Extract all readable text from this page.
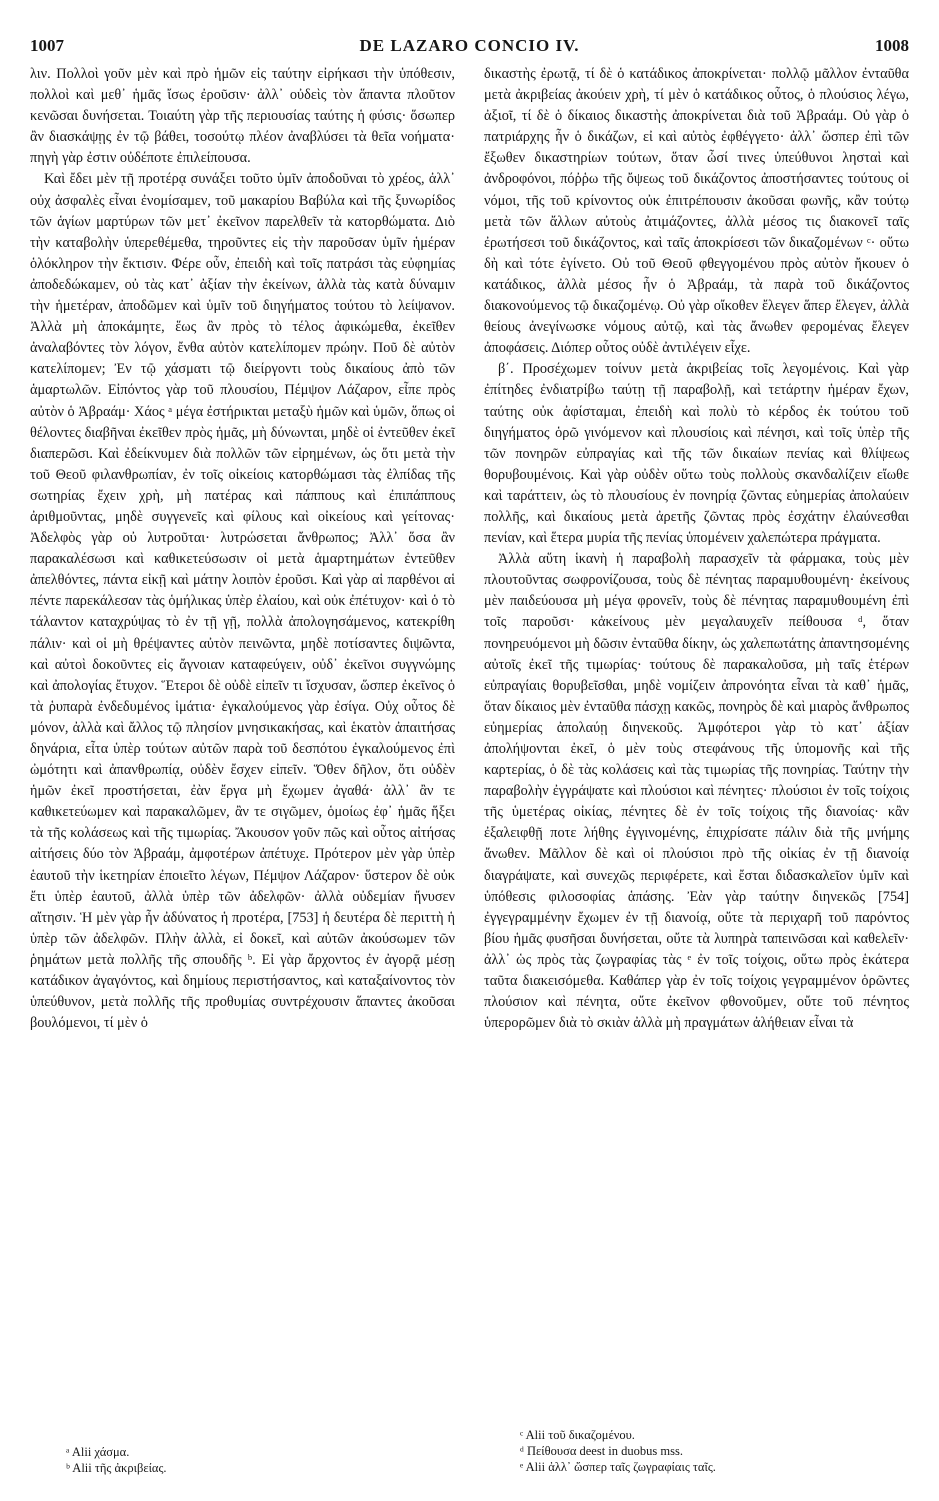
1007	DE LAZARO CONCIO IV.	1008

λιν. Πολλοὶ γοῦν μὲν καὶ πρὸ ἡμῶν εἰς ταύτην εἰρήκασι τὴν ὑπόθεσιν, πολλοὶ καὶ μεθ᾽ ἡμᾶς ἴσως ἐροῦσιν· ἀλλ᾽ οὐδεὶς τὸν ἅπαντα πλοῦτον κενῶσαι δυνήσεται. Τοιαύτη γὰρ τῆς περιουσίας ταύτης ἡ φύσις· ὅσωπερ ἂν διασκάψῃς ἐν τῷ βάθει, τοσούτῳ πλέον ἀναβλύσει τὰ θεῖα νοήματα· πηγὴ γὰρ ἐστιν οὐδέποτε ἐπιλείπουσα.

Καὶ ἔδει μὲν τῇ προτέρᾳ συνάξει τοῦτο ὑμῖν ἀποδοῦναι τὸ χρέος, ἀλλ᾽ οὐχ ἀσφαλὲς εἶναι ἐνομίσαμεν, τοῦ μακαρίου Βαβύλα καὶ τῆς ξυνωρίδος τῶν ἁγίων μαρτύρων τῶν μετ᾽ ἐκεῖνον παρελθεῖν τὰ κατορθώματα. Διὸ τὴν καταβολὴν ὑπερεθέμεθα, τηροῦντες εἰς τὴν παροῦσαν ὑμῖν ἡμέραν ὁλόκληρον τὴν ἔκτισιν. Φέρε οὖν, ἐπειδὴ καὶ τοῖς πατράσι τὰς εὐφημίας ἀποδεδώκαμεν, οὐ τὰς κατ᾽ ἀξίαν τὴν ἐκείνων, ἀλλὰ τὰς κατὰ δύναμιν τὴν ἡμετέραν, ἀποδῶμεν καὶ ὑμῖν τοῦ διηγήματος τούτου τὸ λείψανον. Ἀλλὰ μὴ ἀποκάμητε, ἕως ἂν πρὸς τὸ τέλος ἀφικώμεθα, ἐκεῖθεν ἀναλαβόντες τὸν λόγον, ἔνθα αὐτὸν κατελίπομεν πρώην. Ποῦ δὲ αὐτὸν κατελίπομεν; Ἐν τῷ χάσματι τῷ διείργοντι τοὺς δικαίους ἀπὸ τῶν ἁμαρτωλῶν. Εἰπόντος γὰρ τοῦ πλουσίου, Πέμψον Λάζαρον, εἶπε πρὸς αὐτὸν ὁ Ἀβραάμ· Χάος ᵃ μέγα ἐστήρικται μεταξὺ ἡμῶν καὶ ὑμῶν, ὅπως οἱ θέλοντες διαβῆναι ἐκεῖθεν πρὸς ἡμᾶς, μὴ δύνωνται, μηδὲ οἱ ἐντεῦθεν ἐκεῖ διαπερῶσι. Καὶ ἐδείκνυμεν διὰ πολλῶν τῶν εἰρημένων, ὡς ὅτι μετὰ τὴν τοῦ Θεοῦ φιλανθρωπίαν, ἐν τοῖς οἰκείοις κατορθώμασι τὰς ἐλπίδας τῆς σωτηρίας ἔχειν χρὴ, μὴ πατέρας καὶ πάππους καὶ ἐπιπάππους ἀριθμοῦντας, μηδὲ συγγενεῖς καὶ φίλους καὶ οἰκείους καὶ γείτονας· Ἀδελφὸς γὰρ οὐ λυτροῦται· λυτρώσεται ἄνθρωπος; Ἀλλ᾽ ὅσα ἂν παρακαλέσωσι καὶ καθικετεύσωσιν οἱ μετὰ ἁμαρτημάτων ἐντεῦθεν ἀπελθόντες, πάντα εἰκῇ καὶ μάτην λοιπὸν ἐροῦσι. Καὶ γὰρ αἱ παρθένοι αἱ πέντε παρεκάλεσαν τὰς ὁμήλικας ὑπὲρ ἐλαίου, καὶ οὐκ ἐπέτυχον· καὶ ὁ τὸ τάλαντον καταχρύψας τὸ ἐν τῇ γῇ, πολλὰ ἀπολογησάμενος, κατεκρίθη πάλιν· καὶ οἱ μὴ θρέψαντες αὐτὸν πεινῶντα, μηδὲ ποτίσαντες διψῶντα, καὶ αὐτοὶ δοκοῦντες εἰς ἄγνοιαν καταφεύγειν, οὐδ᾽ ἐκεῖνοι συγγνώμης καὶ ἀπολογίας ἔτυχον. Ἕτεροι δὲ οὐδὲ εἰπεῖν τι ἴσχυσαν, ὥσπερ ἐκεῖνος ὁ τὰ ῥυπαρὰ ἐνδεδυμένος ἱμάτια· ἐγκαλούμενος γὰρ ἐσίγα. Οὐχ οὗτος δὲ μόνον, ἀλλὰ καὶ ἄλλος τῷ πλησίον μνησικακήσας, καὶ ἑκατὸν ἀπαιτήσας δηνάρια, εἶτα ὑπὲρ τούτων αὐτῶν παρὰ τοῦ δεσπότου ἐγκαλούμενος ἐπὶ ὠμότητι καὶ ἀπανθρωπίᾳ, οὐδὲν ἔσχεν εἰπεῖν. Ὅθεν δῆλον, ὅτι οὐδὲν ἡμῶν ἐκεῖ προστήσεται, ἐὰν ἔργα μὴ ἔχωμεν ἀγαθά· ἀλλ᾽ ἂν τε καθικετεύωμεν καὶ παρακαλῶμεν, ἂν τε σιγῶμεν, ὁμοίως ἐφ᾽ ἡμᾶς ἥξει τὰ τῆς κολάσεως καὶ τῆς τιμωρίας. Ἄκουσον γοῦν πῶς καὶ οὗτος αἰτήσας αἰτήσεις δύο τὸν Ἀβραάμ, ἀμφοτέρων ἀπέτυχε. Πρότερον μὲν γὰρ ὑπὲρ ἑαυτοῦ τὴν ἱκετηρίαν ἐποιεῖτο λέγων, Πέμψον Λάζαρον· ὕστερον δὲ οὐκ ἔτι ὑπὲρ ἑαυτοῦ, ἀλλὰ ὑπὲρ τῶν ἀδελφῶν· ἀλλὰ οὐδεμίαν ἤνυσεν αἴτησιν. Ἡ μὲν γὰρ ἦν ἀδύνατος ἡ προτέρα, [753] ἡ δευτέρα δὲ περιττὴ ἡ ὑπὲρ τῶν ἀδελφῶν. Πλὴν ἀλλὰ, εἰ δοκεῖ, καὶ αὐτῶν ἀκούσωμεν τῶν ῥημάτων μετὰ πολλῆς τῆς σπουδῆς ᵇ. Εἰ γὰρ ἄρχοντος ἐν ἀγορᾷ μέσῃ κατάδικον ἀγαγόντος, καὶ δημίους περιστήσαντος, καὶ καταξαίνοντος τὸν ὑπεύθυνον, μετὰ πολλῆς τῆς προθυμίας συντρέχουσιν ἅπαντες ἀκοῦσαι βουλόμενοι, τί μὲν ὁ

δικαστὴς ἐρωτᾷ, τί δὲ ὁ κατάδικος ἀποκρίνεται· πολλῷ μᾶλλον ἐνταῦθα μετὰ ἀκριβείας ἀκούειν χρὴ, τί μὲν ὁ κατάδικος οὗτος, ὁ πλούσιος λέγω, ἀξιοῖ, τί δὲ ὁ δίκαιος δικαστὴς ἀποκρίνεται διὰ τοῦ Ἀβραάμ. Οὐ γὰρ ὁ πατριάρχης ἦν ὁ δικάζων, εἰ καὶ αὐτὸς ἐφθέγγετο· ἀλλ᾽ ὥσπερ ἐπὶ τῶν ἔξωθεν δικαστηρίων τούτων, ὅταν ὦσί τινες ὑπεύθυνοι λησταὶ καὶ ἀνδροφόνοι, πόῤῥω τῆς ὄψεως τοῦ δικάζοντος ἀποστήσαντες τούτους οἱ νόμοι, τῆς τοῦ κρίνοντος οὐκ ἐπιτρέπουσιν ἀκοῦσαι φωνῆς, κἂν τούτῳ μετὰ τῶν ἄλλων αὐτοὺς ἀτιμάζοντες, ἀλλὰ μέσος τις διακονεῖ ταῖς ἐρωτήσεσι τοῦ δικάζοντος, καὶ ταῖς ἀποκρίσεσι τῶν δικαζομένων ᶜ· οὕτω δὴ καὶ τότε ἐγίνετο. Οὐ τοῦ Θεοῦ φθεγγομένου πρὸς αὐτὸν ἤκουεν ὁ κατάδικος, ἀλλὰ μέσος ἦν ὁ Ἀβραάμ, τὰ παρὰ τοῦ δικάζοντος διακονούμενος τῷ δικαζομένῳ. Οὐ γὰρ οἴκοθεν ἔλεγεν ἅπερ ἔλεγεν, ἀλλὰ θείους ἀνεγίνωσκε νόμους αὐτῷ, καὶ τὰς ἄνωθεν φερομένας ἔλεγεν ἀποφάσεις. Διόπερ οὗτος οὐδὲ ἀντιλέγειν εἶχε.

β΄. Προσέχωμεν τοίνυν μετὰ ἀκριβείας τοῖς λεγομένοις. Καὶ γὰρ ἐπίτηδες ἐνδιατρίβω ταύτῃ τῇ παραβολῇ, καὶ τετάρτην ἡμέραν ἔχων, ταύτης οὐκ ἀφίσταμαι, ἐπειδὴ καὶ πολὺ τὸ κέρδος ἐκ τούτου τοῦ διηγήματος ὁρῶ γινόμενον καὶ πλουσίοις καὶ πένησι, καὶ τοῖς ὑπὲρ τῆς τῶν πονηρῶν εὐπραγίας καὶ τῆς τῶν δικαίων πενίας καὶ θλίψεως θορυβουμένοις. Καὶ γὰρ οὐδὲν οὕτω τοὺς πολλοὺς σκανδαλίζειν εἴωθε καὶ ταράττειν, ὡς τὸ πλουσίους ἐν πονηρίᾳ ζῶντας εὐημερίας ἀπολαύειν πολλῆς, καὶ δικαίους μετὰ ἀρετῆς ζῶντας πρὸς ἐσχάτην ἐλαύνεσθαι πενίαν, καὶ ἕτερα μυρία τῆς πενίας ὑπομένειν χαλεπώτερα πράγματα.

Ἀλλὰ αὕτη ἱκανὴ ἡ παραβολὴ παρασχεῖν τὰ φάρμακα, τοὺς μὲν πλουτοῦντας σωφρονίζουσα, τοὺς δὲ πένητας παραμυθουμένη· ἐκείνους μὲν παιδεύουσα μὴ μέγα φρονεῖν, τοὺς δὲ πένητας παραμυθουμένη ἐπὶ τοῖς παροῦσι· κἀκείνους μὲν μεγαλαυχεῖν πείθουσα ᵈ, ὅταν πονηρευόμενοι μὴ δῶσιν ἐνταῦθα δίκην, ὡς χαλεπωτάτης ἀπαντησομένης αὐτοῖς ἐκεῖ τῆς τιμωρίας· τούτους δὲ παρακαλοῦσα, μὴ ταῖς ἑτέρων εὐπραγίαις θορυβεῖσθαι, μηδὲ νομίζειν ἀπρονόητα εἶναι τὰ καθ᾽ ἡμᾶς, ὅταν δίκαιος μὲν ἐνταῦθα πάσχῃ κακῶς, πονηρὸς δὲ καὶ μιαρὸς ἄνθρωπος εὐημερίας ἀπολαύῃ διηνεκοῦς. Ἀμφότεροι γὰρ τὸ κατ᾽ ἀξίαν ἀπολήψονται ἐκεῖ, ὁ μὲν τοὺς στεφάνους τῆς ὑπομονῆς καὶ τῆς καρτερίας, ὁ δὲ τὰς κολάσεις καὶ τὰς τιμωρίας τῆς πονηρίας. Ταύτην τὴν παραβολὴν ἐγγράψατε καὶ πλούσιοι καὶ πένητες· πλούσιοι ἐν τοῖς τοίχοις τῆς ὑμετέρας οἰκίας, πένητες δὲ ἐν τοῖς τοίχοις τῆς διανοίας· κἂν ἐξαλειφθῇ ποτε λήθης ἐγγινομένης, ἐπιχρίσατε πάλιν διὰ τῆς μνήμης ἄνωθεν. Μᾶλλον δὲ καὶ οἱ πλούσιοι πρὸ τῆς οἰκίας ἐν τῇ διανοίᾳ διαγράψατε, καὶ συνεχῶς περιφέρετε, καὶ ἔσται διδασκαλεῖον ὑμῖν καὶ ὑπόθεσις φιλοσοφίας ἁπάσης. Ἐὰν γὰρ ταύτην διηνεκῶς [754] ἐγγεγραμμένην ἔχωμεν ἐν τῇ διανοίᾳ, οὔτε τὰ περιχαρῆ τοῦ παρόντος βίου ἡμᾶς φυσῆσαι δυνήσεται, οὔτε τὰ λυπηρὰ ταπεινῶσαι καὶ καθελεῖν· ἀλλ᾽ ὡς πρὸς τὰς ζωγραφίας τὰς ᵉ ἐν τοῖς τοίχοις, οὕτω πρὸς ἑκάτερα ταῦτα διακεισόμεθα. Καθάπερ γὰρ ἐν τοῖς τοίχοις γεγραμμένον ὁρῶντες πλούσιον καὶ πένητα, οὔτε ἐκεῖνον φθονοῦμεν, οὔτε τοῦ πένητος ὑπερορῶμεν διὰ τὸ σκιὰν ἀλλὰ μὴ πραγμάτων ἀλήθειαν εἶναι τὰ

ᵃ Alii χάσμα.
ᵇ Alii τῆς ἀκριβείας.
ᶜ Alii τοῦ δικαζομένου.
ᵈ Πείθουσα deest in duobus mss.
ᵉ Alii ἀλλ᾽ ὥσπερ ταῖς ζωγραφίαις ταῖς.
